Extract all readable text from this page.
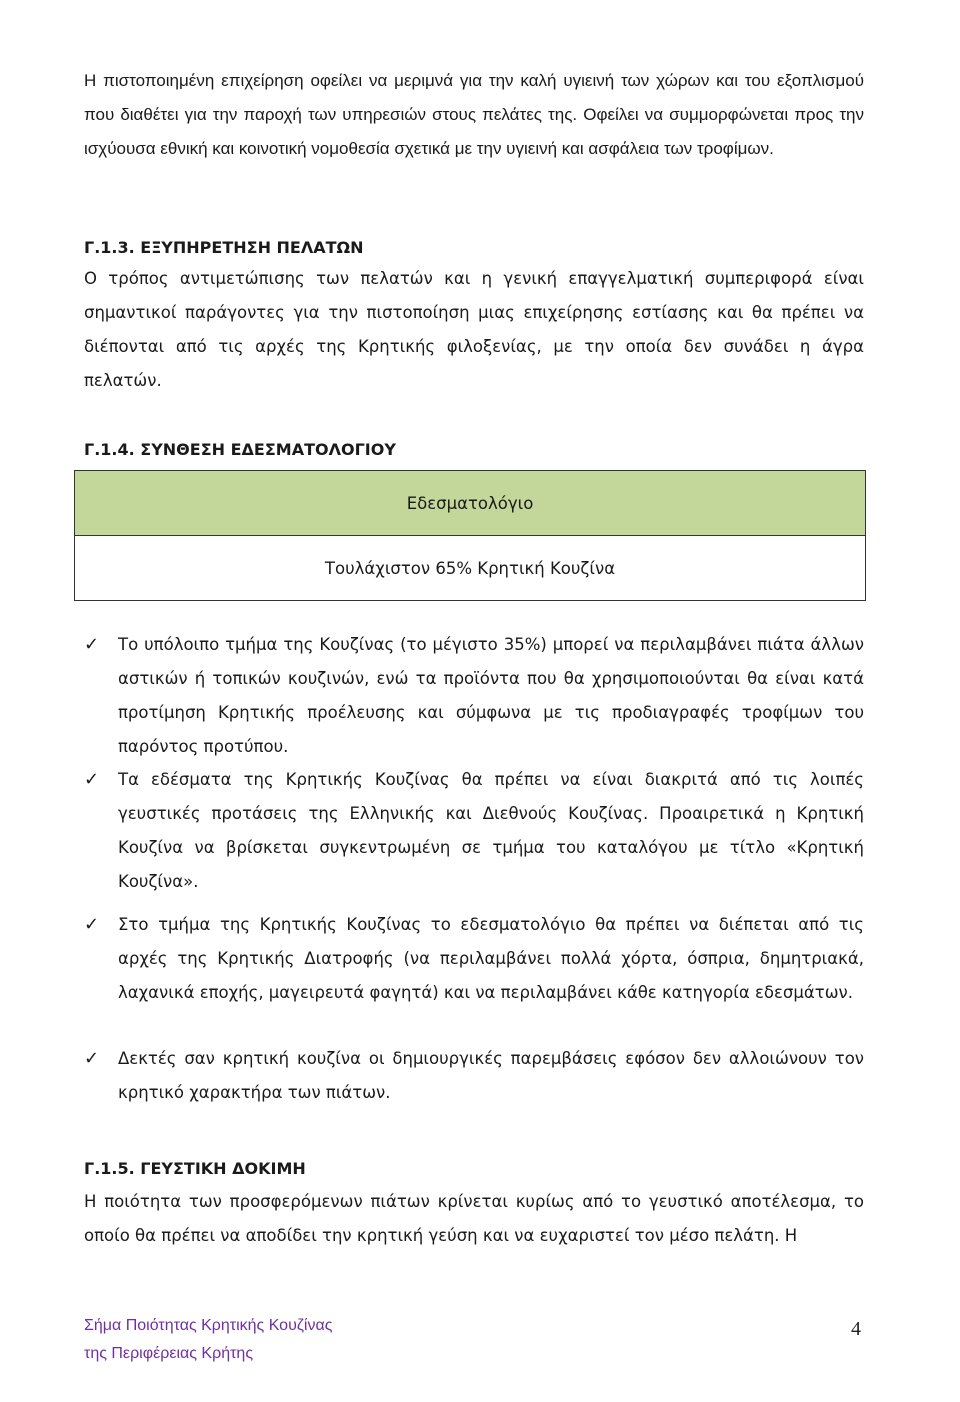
Η πιστοποιημένη επιχείρηση οφείλει να μεριμνά για την καλή υγιεινή των χώρων και του εξοπλισμού που διαθέτει για την παροχή των υπηρεσιών στους πελάτες της. Οφείλει να συμμορφώνεται προς την ισχύουσα εθνική και κοινοτική νομοθεσία σχετικά με την υγιεινή και ασφάλεια των τροφίμων.

Γ.1.3. ΕΞΥΠΗΡΕΤΗΣΗ ΠΕΛΑΤΩΝ

Ο τρόπος αντιμετώπισης των πελατών και η γενική επαγγελματική συμπεριφορά είναι σημαντικοί παράγοντες για την πιστοποίηση μιας επιχείρησης εστίασης και θα πρέπει να διέπονται από τις αρχές της Κρητικής φιλοξενίας, με την οποία δεν συνάδει η άγρα πελατών.

Γ.1.4. ΣΥΝΘΕΣΗ ΕΔΕΣΜΑΤΟΛΟΓΙΟΥ
Εδεσματολόγιο
Τουλάχιστον 65% Κρητική Κουζίνα
✓ Το υπόλοιπο τμήμα της Κουζίνας (το μέγιστο 35%) μπορεί να περιλαμβάνει πιάτα άλλων αστικών ή τοπικών κουζινών, ενώ τα προϊόντα που θα χρησιμοποιούνται θα είναι κατά προτίμηση Κρητικής προέλευσης και σύμφωνα με τις προδιαγραφές τροφίμων του παρόντος προτύπου.

✓ Τα εδέσματα της Κρητικής Κουζίνας θα πρέπει να είναι διακριτά από τις λοιπές γευστικές προτάσεις της Ελληνικής και Διεθνούς Κουζίνας. Προαιρετικά η Κρητική Κουζίνα να βρίσκεται συγκεντρωμένη σε τμήμα του καταλόγου με τίτλο «Κρητική Κουζίνα».

✓ Στο τμήμα της Κρητικής Κουζίνας το εδεσματολόγιο θα πρέπει να διέπεται από τις αρχές της Κρητικής Διατροφής (να περιλαμβάνει πολλά χόρτα, όσπρια, δημητριακά, λαχανικά εποχής, μαγειρευτά φαγητά) και να περιλαμβάνει κάθε κατηγορία εδεσμάτων.

✓ Δεκτές σαν κρητική κουζίνα οι δημιουργικές παρεμβάσεις εφόσον δεν αλλοιώνουν τον κρητικό χαρακτήρα των πιάτων.

Γ.1.5. ΓΕΥΣΤΙΚΗ ΔΟΚΙΜΗ

Η ποιότητα των προσφερόμενων πιάτων κρίνεται κυρίως από το γευστικό αποτέλεσμα, το οποίο θα πρέπει να αποδίδει την κρητική γεύση και να ευχαριστεί τον μέσο πελάτη. Η

Σήμα Ποιότητας Κρητικής Κουζίνας

της Περιφέρειας Κρήτης

4
